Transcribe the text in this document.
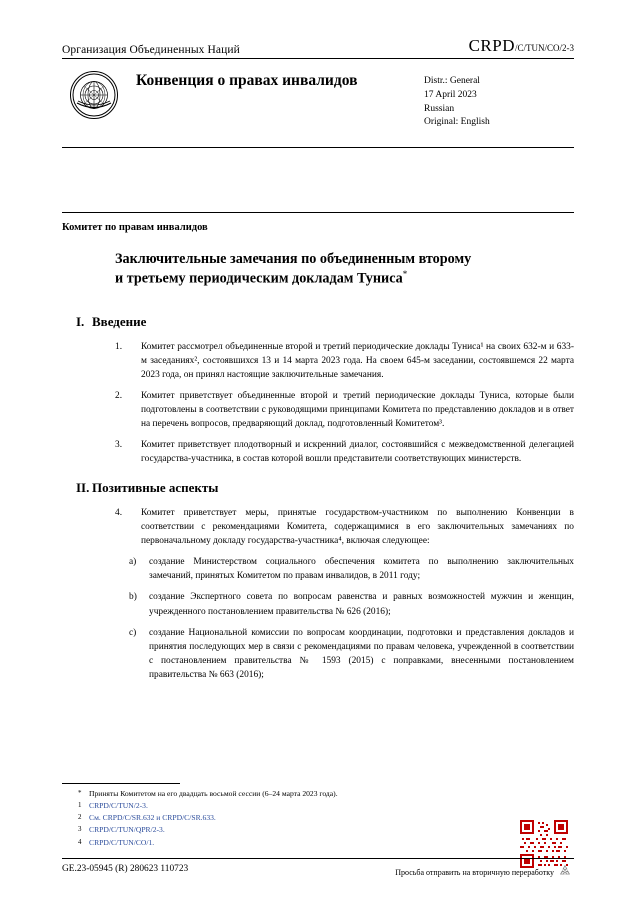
Организация Объединенных Наций	CRPD/C/TUN/CO/2-3
Конвенция о правах инвалидов	Distr.: General
17 April 2023
Russian
Original: English
Комитет по правам инвалидов
Заключительные замечания по объединенным второму
и третьему периодическим докладам Туниса*
I. Введение
1.	Комитет рассмотрел объединенные второй и третий периодические доклады Туниса¹ на своих 632-м и 633-м заседаниях², состоявшихся 13 и 14 марта 2023 года. На своем 645-м заседании, состоявшемся 22 марта 2023 года, он принял настоящие заключительные замечания.
2.	Комитет приветствует объединенные второй и третий периодические доклады Туниса, которые были подготовлены в соответствии с руководящими принципами Комитета по представлению докладов и в ответ на перечень вопросов, предваряющий доклад, подготовленный Комитетом³.
3.	Комитет приветствует плодотворный и искренний диалог, состоявшийся с межведомственной делегацией государства-участника, в состав которой вошли представители соответствующих министерств.
II. Позитивные аспекты
4.	Комитет приветствует меры, принятые государством-участником по выполнению Конвенции в соответствии с рекомендациями Комитета, содержащимися в его заключительных замечаниях по первоначальному докладу государства-участника⁴, включая следующее:
a)	создание Министерством социального обеспечения комитета по выполнению заключительных замечаний, принятых Комитетом по правам инвалидов, в 2011 году;
b)	создание Экспертного совета по вопросам равенства и равных возможностей мужчин и женщин, учрежденного постановлением правительства № 626 (2016);
c)	создание Национальной комиссии по вопросам координации, подготовки и представления докладов и принятия последующих мер в связи с рекомендациями по правам человека, учрежденной в соответствии с постановлением правительства № 1593 (2015) с поправками, внесенными постановлением правительства № 663 (2016);
* Приняты Комитетом на его двадцать восьмой сессии (6–24 марта 2023 года).
1 CRPD/C/TUN/2-3.
2 См. CRPD/C/SR.632 и CRPD/C/SR.633.
3 CRPD/C/TUN/QPR/2-3.
4 CRPD/C/TUN/CO/1.
GE.23-05945 (R) 280623 110723	Просьба отправить на вторичную переработку
